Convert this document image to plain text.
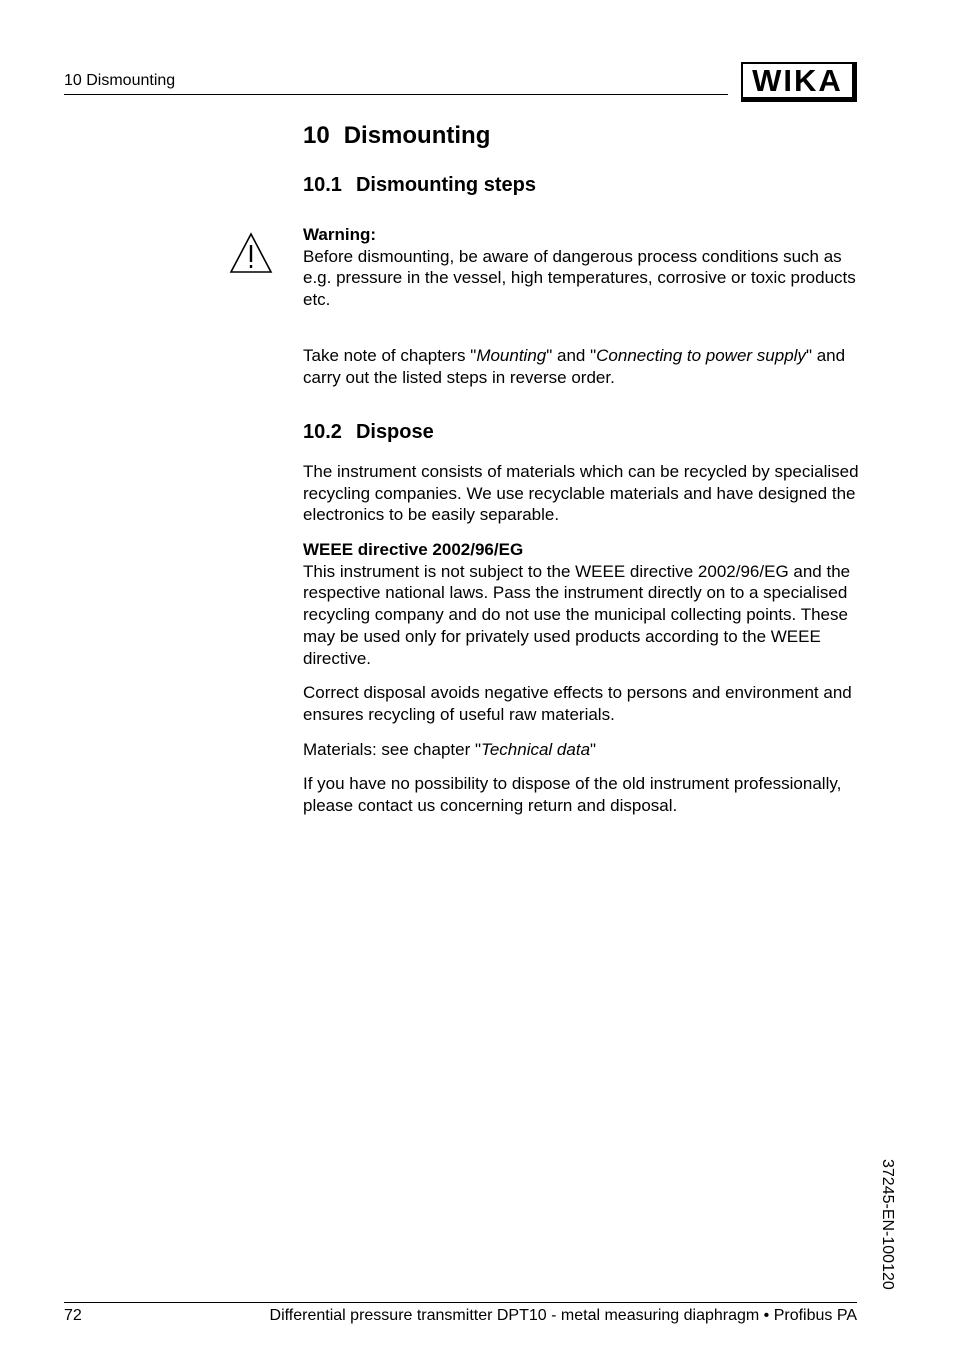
10 Dismounting	WIKA
10 Dismounting
10.1 Dismounting steps

Warning:

Before dismounting, be aware of dangerous process conditions such as e.g. pressure in the vessel, high temperatures, corrosive or toxic products etc.

Take note of chapters "Mounting" and "Connecting to power supply" and carry out the listed steps in reverse order.

10.2 Dispose

The instrument consists of materials which can be recycled by specialised recycling companies. We use recyclable materials and have designed the electronics to be easily separable.

WEEE directive 2002/96/EG

This instrument is not subject to the WEEE directive 2002/96/EG and the respective national laws. Pass the instrument directly on to a specialised recycling company and do not use the municipal collecting points. These may be used only for privately used products according to the WEEE directive.

Correct disposal avoids negative effects to persons and environment and ensures recycling of useful raw materials.

Materials: see chapter "Technical data"

If you have no possibility to dispose of the old instrument professionally, please contact us concerning return and disposal.

37245-EN-100120
72	Differential pressure transmitter DPT10 - metal measuring diaphragm • Profibus PA
